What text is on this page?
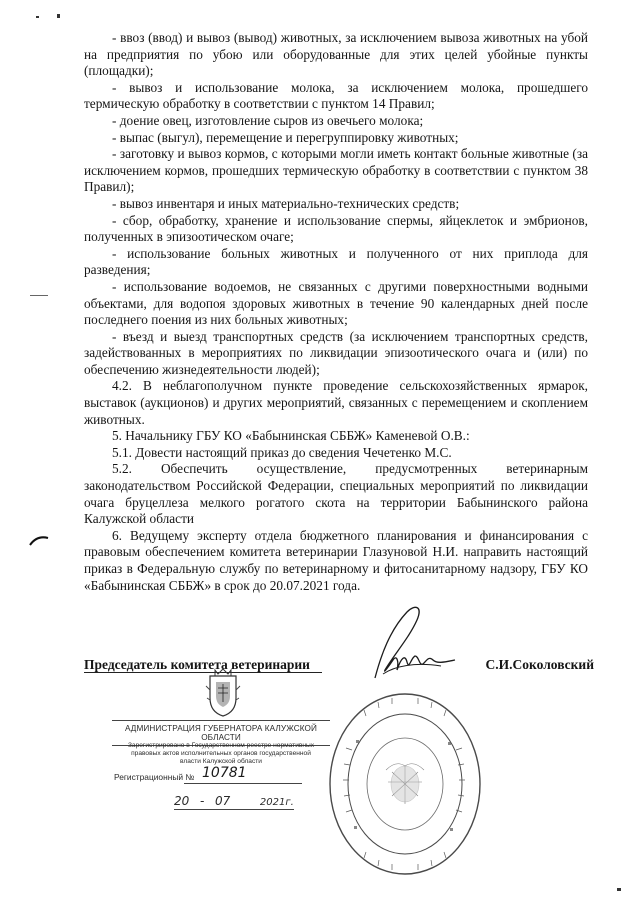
- ввоз (ввод) и вывоз (вывод) животных, за исключением вывоза животных на убой на предприятия по убою или оборудованные для этих целей убойные пункты (площадки);

- вывоз и использование молока, за исключением молока, прошедшего термическую обработку в соответствии с пунктом 14 Правил;

- доение овец, изготовление сыров из овечьего молока;

- выпас (выгул), перемещение и перегруппировку животных;

- заготовку и вывоз кормов, с которыми могли иметь контакт больные животные (за исключением кормов, прошедших термическую обработку в соответствии с пунктом 38 Правил);

- вывоз инвентаря и иных материально-технических средств;

- сбор, обработку, хранение и использование спермы, яйцеклеток и эмбрионов, полученных в эпизоотическом очаге;

- использование больных животных и полученного от них приплода для разведения;

- использование водоемов, не связанных с другими поверхностными водными объектами, для водопоя здоровых животных в течение 90 календарных дней после последнего поения из них больных животных;

- въезд и выезд транспортных средств (за исключением транспортных средств, задействованных в мероприятиях по ликвидации эпизоотического очага и (или) по обеспечению жизнедеятельности людей);

4.2. В неблагополучном пункте проведение сельскохозяйственных ярмарок, выставок (аукционов) и других мероприятий, связанных с перемещением и скоплением животных.

5. Начальнику ГБУ КО «Бабынинская СББЖ» Каменевой О.В.:

5.1. Довести настоящий приказ до сведения Чечетенко М.С.

5.2. Обеспечить осуществление, предусмотренных ветеринарным законодательством Российской Федерации, специальных мероприятий по ликвидации очага бруцеллеза мелкого рогатого скота на территории Бабынинского района Калужской области

6. Ведущему эксперту отдела бюджетного планирования и финансирования с правовым обеспечением комитета ветеринарии Глазуновой Н.И. направить настоящий приказ в Федеральную службу по ветеринарному и фитосанитарному надзору, ГБУ КО «Бабынинская СББЖ» в срок до 20.07.2021 года.

Председатель комитета ветеринарии	С.И.Соколовский
АДМИНИСТРАЦИЯ ГУБЕРНАТОРА КАЛУЖСКОЙ ОБЛАСТИ
Зарегистрировано в Государственном реестре нормативных правовых актов исполнительных органов государственной власти Калужской области
Регистрационный № 10781
20 - 07	2021г.
